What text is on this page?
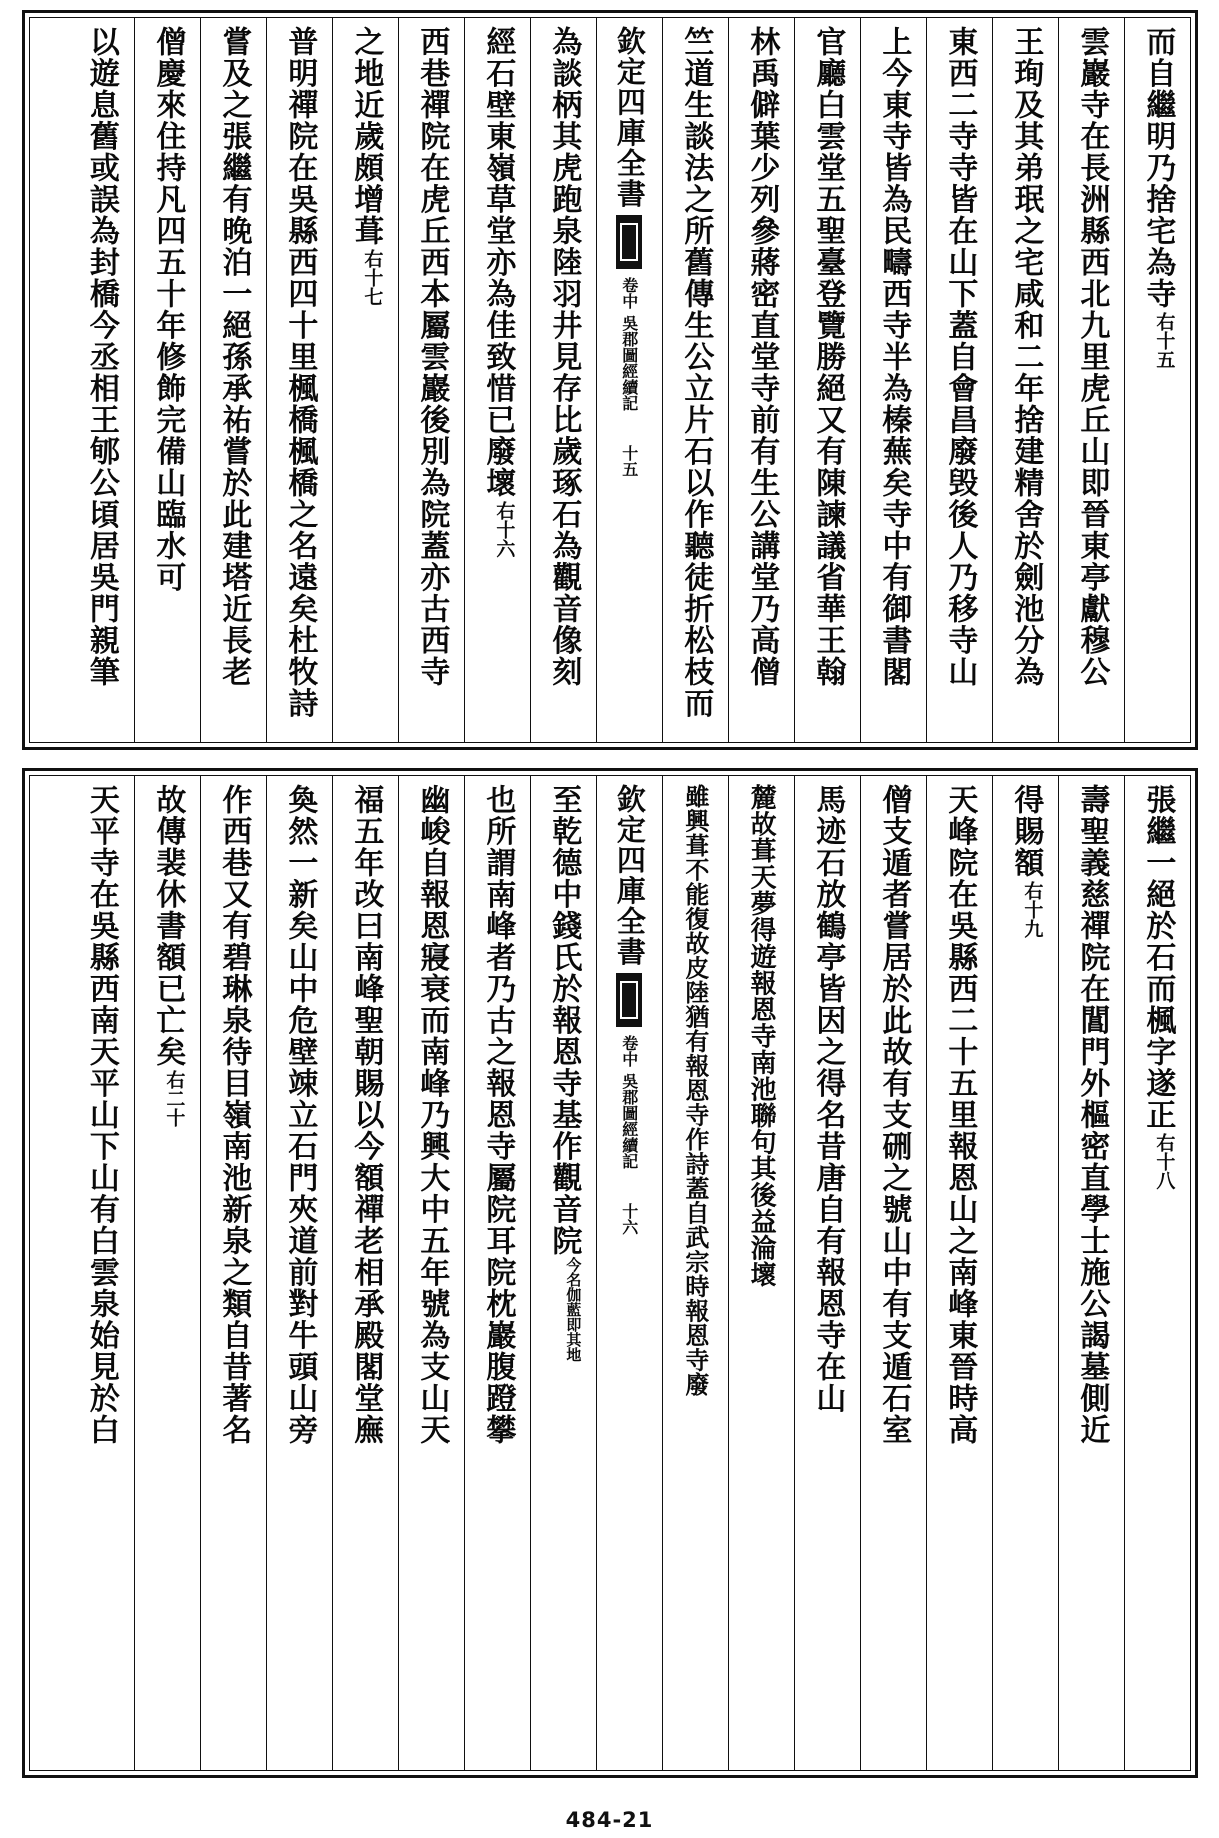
而自繼明乃捨宅為寺
右十五
雲巖寺在長洲縣西北九里虎丘山即晉東亭獻穆公
王珣及其弟珉之宅咸和二年捨建精舍於劍池分為
東西二寺寺皆在山下蓋自會昌廢毁後人乃移寺山
上今東寺皆為民疇西寺半為榛蕪矣寺中有御書閣
官廳白雲堂五聖臺登覽勝絕又有陳諫議省華王翰
林禹僻葉少列參蔣密直堂寺前有生公講堂乃高僧
竺道生談法之所舊傳生公立片石以作聽徒折松枝而
欽定四庫全書
卷中
吳郡圖經續記
十五
為談柄其虎跑泉陸羽井見存比歲琢石為觀音像刻
經石壁東嶺草堂亦為佳致惜已廢壞
右十六
西巷禪院在虎丘西本屬雲巖後別為院蓋亦古西寺
之地近歲頗增葺
右十七
普明禪院在吳縣西四十里楓橋楓橋之名遠矣杜牧詩
嘗及之張繼有晚泊一絕孫承祐嘗於此建塔近長老
僧慶來住持凡四五十年修飾完備山臨水可
以遊息舊或誤為封橋今丞相王郇公頃居吳門親筆
張繼一絕於石而楓字遂正
右十八
壽聖義慈禪院在閶門外樞密直學士施公謁墓側近
得賜額
右十九
天峰院在吳縣西二十五里報恩山之南峰東晉時高
僧支遁者嘗居於此故有支硎之號山中有支遁石室
馬迹石放鶴亭皆因之得名昔唐自有報恩寺在山
麓故葺天夢得遊報恩寺南池聯句其後益淪壞
雖興葺不能復故皮陸猶有報恩寺作詩蓋自武宗時報恩寺廢
欽定四庫全書
卷中
吳郡圖經續記
十六
至乾德中錢氏於報恩寺基作觀音院
今名伽藍即其地
也所謂南峰者乃古之報恩寺屬院耳院枕巖腹蹬攀
幽峻自報恩寢衰而南峰乃興大中五年號為支山天
福五年改曰南峰聖朝賜以今額禪老相承殿閣堂廡
奐然一新矣山中危壁竦立石門夾道前對牛頭山旁
作西巷又有碧琳泉待目嶺南池新泉之類自昔著名
故傳裴休書額已亡矣
右二十
天平寺在吳縣西南天平山下山有白雲泉始見於白
484-21
